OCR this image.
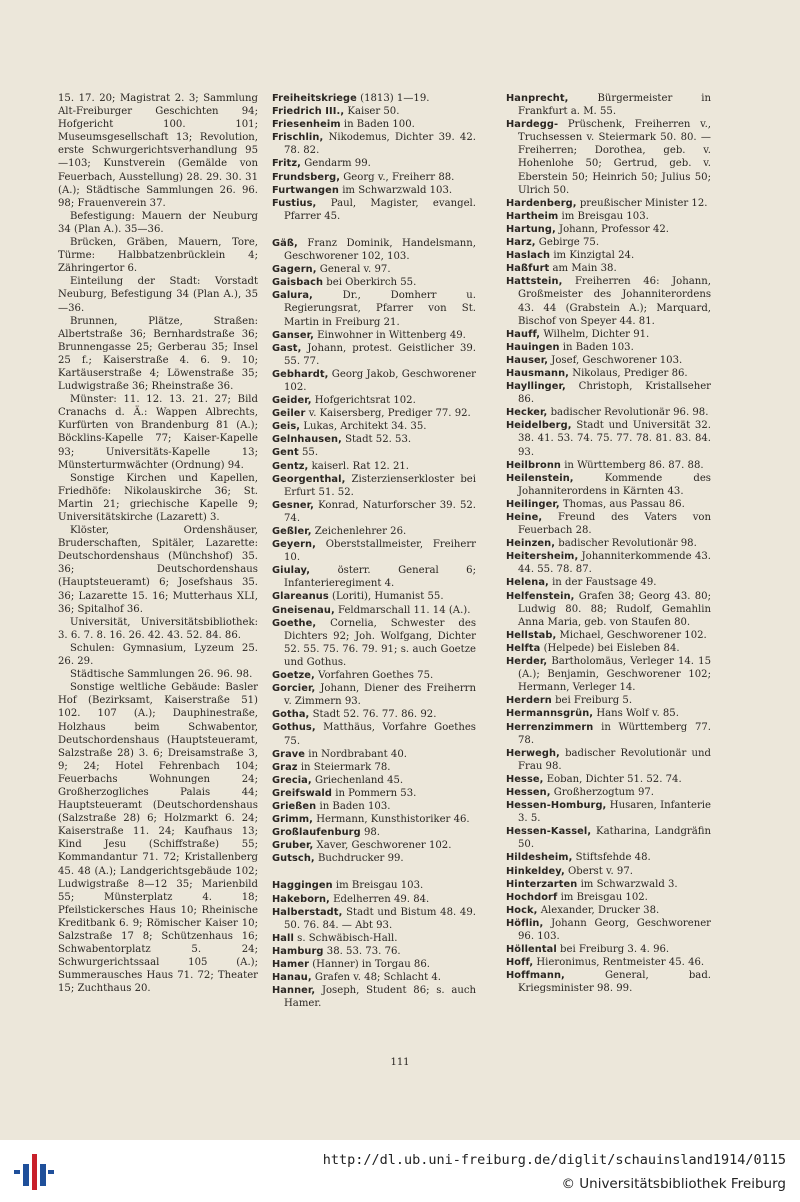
15. 17. 20; Magistrat 2. 3; Sammlung Alt-Freiburger Geschichten 94; Hofgericht 100. 101; Museumsgesellschaft 13; Revolution, erste Schwurgerichtsverhandlung 95—103; Kunstverein (Gemälde von Feuerbach, Ausstellung) 28. 29. 30. 31 (A.); Städtische Sammlungen 26. 96. 98; Frauenverein 37.

Befestigung: Mauern der Neuburg 34 (Plan A.). 35—36.

Brücken, Gräben, Mauern, Tore, Türme: Halbbatzenbrücklein 4; Zähringertor 6.

Einteilung der Stadt: Vorstadt Neuburg, Befestigung 34 (Plan A.), 35—36.

Brunnen, Plätze, Straßen: Albertstraße 36; Bernhardstraße 36; Brunnengasse 25; Gerberau 35; Insel 25 f.; Kaiserstraße 4. 6. 9. 10; Kartäuserstraße 4; Löwenstraße 35; Ludwigstraße 36; Rheinstraße 36.

Münster: 11. 12. 13. 21. 27; Bild Cranachs d. Ä.: Wappen Albrechts, Kurfürten von Brandenburg 81 (A.); Böcklins-Kapelle 77; Kaiser-Kapelle 93; Universitäts-Kapelle 13; Münsterturmwächter (Ordnung) 94.

Sonstige Kirchen und Kapellen, Friedhöfe: Nikolauskirche 36; St. Martin 21; griechische Kapelle 9; Universitätskirche (Lazarett) 3.

Klöster, Ordenshäuser, Bruderschaften, Spitäler, Lazarette: Deutschordenshaus (Münchshof) 35. 36; Deutschordenshaus (Hauptsteueramt) 6; Josefshaus 35. 36; Lazarette 15. 16; Mutterhaus XLI, 36; Spitalhof 36.

Universität, Universitätsbibliothek: 3. 6. 7. 8. 16. 26. 42. 43. 52. 84. 86.

Schulen: Gymnasium, Lyzeum 25. 26. 29.

Städtische Sammlungen 26. 96. 98.

Sonstige weltliche Gebäude: Basler Hof (Bezirksamt, Kaiserstraße 51) 102. 107 (A.); Dauphinestraße, Holzhaus beim Schwabentor, Deutschordenshaus (Hauptsteueramt, Salzstraße 28) 3. 6; Dreisamstraße 3, 9; 24; Hotel Fehrenbach 104; Feuerbachs Wohnungen 24; Großherzogliches Palais 44; Hauptsteueramt (Deutschordenshaus (Salzstraße 28) 6; Holzmarkt 6. 24; Kaiserstraße 11. 24; Kaufhaus 13; Kind Jesu (Schiffstraße) 55; Kommandantur 71. 72; Kristallenberg 45. 48 (A.); Landgerichtsgebäude 102; Ludwigstraße 8—12 35; Marienbild 55; Münsterplatz 4. 18; Pfeilstickersches Haus 10; Rheinische Kreditbank 6. 9; Römischer Kaiser 10; Salzstraße 17 8; Schützenhaus 16; Schwabentorplatz 5. 24; Schwurgerichtssaal 105 (A.); Summerausches Haus 71. 72; Theater 15; Zuchthaus 20.

Freiheitskriege (1813) 1—19.

Friedrich III., Kaiser 50.

Friesenheim in Baden 100.

Frischlin, Nikodemus, Dichter 39. 42. 78. 82.

Fritz, Gendarm 99.

Frundsberg, Georg v., Freiherr 88.

Furtwangen im Schwarzwald 103.

Fustius, Paul, Magister, evangel. Pfarrer 45.

Gäß, Franz Dominik, Handelsmann, Geschworener 102, 103.

Gagern, General v. 97.

Gaisbach bei Oberkirch 55.

Galura,	Dr., Domherr u. Regierungsrat, Pfarrer von St. Martin in Freiburg 21.

Ganser, Einwohner in Wittenberg 49.

Gast, Johann, protest. Geistlicher 39. 55. 77.

Gebhardt, Georg Jakob, Geschworener 102.

Geider, Hofgerichtsrat 102.

Geiler v. Kaisersberg, Prediger 77. 92.

Geis, Lukas, Architekt 34. 35.

Gelnhausen, Stadt 52. 53.

Gent 55.

Gentz, kaiserl. Rat 12. 21.

Georgenthal, Zisterzienserkloster bei Erfurt 51. 52.

Gesner, Konrad, Naturforscher 39. 52. 74.

Geßler, Zeichenlehrer 26.

Geyern, Oberststallmeister, Freiherr 10.

Giulay,	österr. General 6; Infanterieregiment 4.

Glareanus (Loriti), Humanist 55.

Gneisenau, Feldmarschall 11. 14 (A.).

Goethe, Cornelia, Schwester des Dichters 92; Joh. Wolfgang, Dichter 52. 55. 75. 76. 79. 91; s. auch Goetze und Gothus.

Goetze, Vorfahren Goethes 75.

Gorcier, Johann, Diener des Freiherrn v. Zimmern 93.

Gotha, Stadt 52. 76. 77. 86. 92.

Gothus, Matthäus, Vorfahre Goethes 75.

Grave in Nordbrabant 40.

Graz in Steiermark 78.

Grecia, Griechenland 45.

Greifswald in Pommern 53.

Grießen in Baden 103.

Grimm, Hermann, Kunsthistoriker 46.

Großlaufenburg 98.

Gruber, Xaver, Geschworener 102.

Gutsch, Buchdrucker 99.

Haggingen im Breisgau 103.

Hakeborn, Edelherren 49. 84.

Halberstadt, Stadt und Bistum 48. 49. 50. 76. 84. — Abt 93.

Hall s. Schwäbisch-Hall.

Hamburg 38. 53. 73. 76.

Hamer (Hanner) in Torgau 86.

Hanau, Grafen v. 48; Schlacht 4.

Hanner, Joseph, Student 86; s. auch Hamer.

Hanprecht,	Bürgermeister in Frankfurt a. M. 55.

Hardegg- Prüschenk, Freiherren v., Truchsessen v. Steiermark 50. 80. — Freiherren; Dorothea, geb. v. Hohenlohe 50; Gertrud, geb. v. Eberstein 50; Heinrich 50; Julius 50; Ulrich 50.

Hardenberg, preußischer Minister 12.

Hartheim im Breisgau 103.

Hartung, Johann, Professor 42.

Harz, Gebirge 75.

Haslach im Kinzigtal 24.

Haßfurt am Main 38.

Hattstein, Freiherren 46: Johann, Großmeister des Johanniterordens 43. 44 (Grabstein A.); Marquard, Bischof von Speyer 44. 81.

Hauff, Wilhelm, Dichter 91.

Hauingen in Baden 103.

Hauser, Josef, Geschworener 103.

Hausmann, Nikolaus, Prediger 86.

Hayllinger, Christoph, Kristallseher 86.

Hecker, badischer Revolutionär 96. 98.

Heidelberg, Stadt und Universität 32. 38. 41. 53. 74. 75. 77. 78. 81. 83. 84. 93.

Heilbronn in Württemberg 86. 87. 88.

Heilenstein,	Kommende des Johanniterordens in Kärnten 43.

Heilinger, Thomas, aus Passau 86.

Heine, Freund des Vaters von Feuerbach 28.

Heinzen, badischer Revolutionär 98.

Heitersheim, Johanniterkommende 43. 44. 55. 78. 87.

Helena, in der Faustsage 49.

Helfenstein, Grafen 38; Georg 43. 80; Ludwig 80. 88; Rudolf, Gemahlin Anna Maria, geb. von Staufen 80.

Hellstab, Michael, Geschworener 102.

Helfta (Helpede) bei Eisleben 84.

Herder, Bartholomäus, Verleger 14. 15 (A.); Benjamin, Geschworener 102; Hermann, Verleger 14.

Herdern bei Freiburg 5.

Hermannsgrün, Hans Wolf v. 85.

Herrenzimmern in Württemberg 77. 78.

Herwegh, badischer Revolutionär und Frau 98.

Hesse, Eoban, Dichter 51. 52. 74.

Hessen, Großherzogtum 97.

Hessen-Homburg, Husaren, Infanterie 3. 5.

Hessen-Kassel, Katharina, Landgräfin 50.

Hildesheim, Stiftsfehde 48.

Hinkeldey, Oberst v. 97.

Hinterzarten im Schwarzwald 3.

Hochdorf im Breisgau 102.

Hock, Alexander, Drucker 38.

Höflin, Johann Georg, Geschworener 96. 103.

Höllental bei Freiburg 3. 4. 96.

Hoff, Hieronimus, Rentmeister 45. 46.

Hoffmann,	General, bad. Kriegsminister 98. 99.

111
http://dl.ub.uni-freiburg.de/diglit/schauinsland1914/0115
© Universitätsbibliothek Freiburg
